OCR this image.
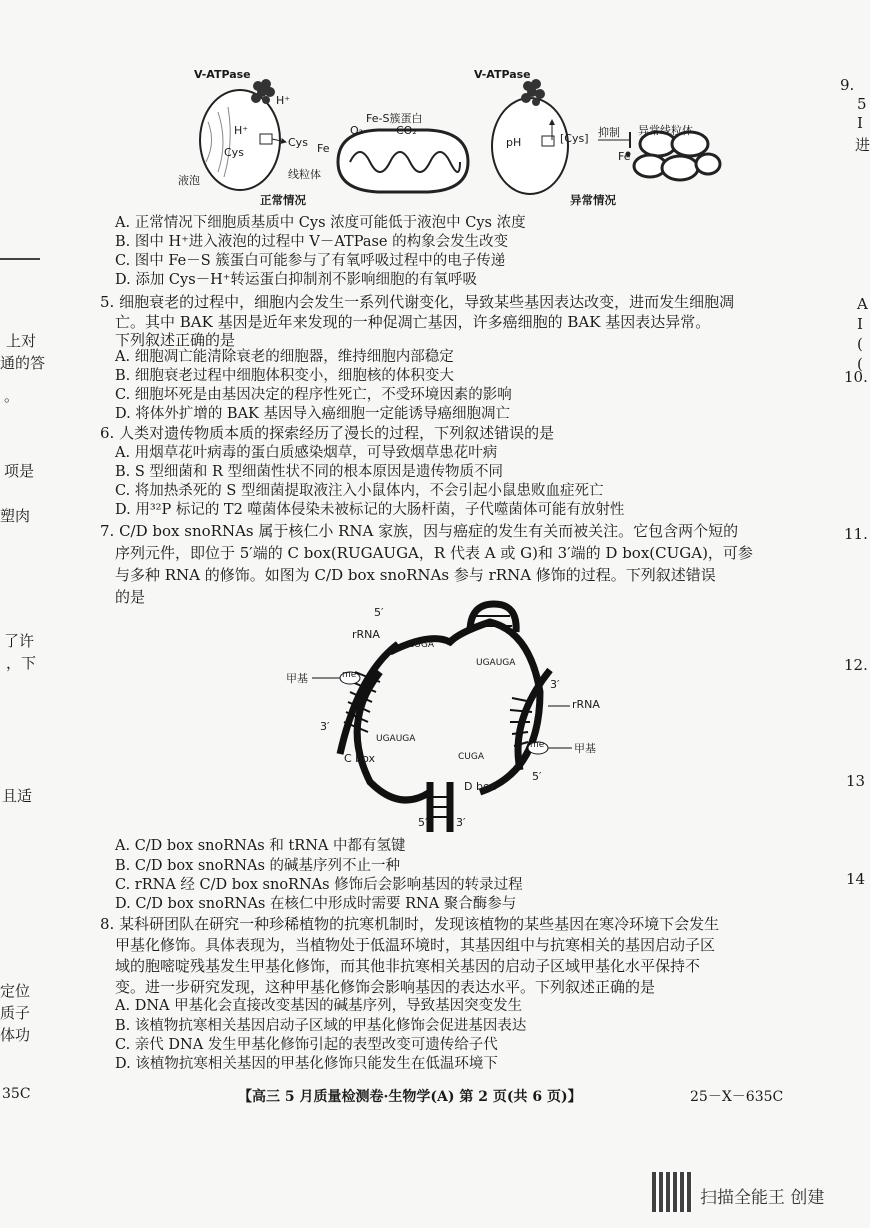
V-ATPase
H⁺
H⁺
Cys
Cys
液泡
Fe-S簇蛋白
O₂	CO₂
Fe
线粒体
正常情况
V-ATPase
pH	[Cys] 抑制
Fe
异常线粒体
异常情况
A. 正常情况下细胞质基质中 Cys 浓度可能低于液泡中 Cys 浓度
B. 图中 H⁺进入液泡的过程中 V－ATPase 的构象会发生改变
C. 图中 Fe－S 簇蛋白可能参与了有氧呼吸过程中的电子传递
D. 添加 Cys－H⁺转运蛋白抑制剂不影响细胞的有氧呼吸
5. 细胞衰老的过程中，细胞内会发生一系列代谢变化，导致某些基因表达改变，进而发生细胞凋
亡。其中 BAK 基因是近年来发现的一种促凋亡基因，许多癌细胞的 BAK 基因表达异常。
下列叙述正确的是
A. 细胞凋亡能清除衰老的细胞器，维持细胞内部稳定
B. 细胞衰老过程中细胞体积变小，细胞核的体积变大
C. 细胞坏死是由基因决定的程序性死亡，不受环境因素的影响
D. 将体外扩增的 BAK 基因导入癌细胞一定能诱导癌细胞凋亡
6. 人类对遗传物质本质的探索经历了漫长的过程，下列叙述错误的是
A. 用烟草花叶病毒的蛋白质感染烟草，可导致烟草患花叶病
B. S 型细菌和 R 型细菌性状不同的根本原因是遗传物质不同
C. 将加热杀死的 S 型细菌提取液注入小鼠体内，不会引起小鼠患败血症死亡
D. 用³²P 标记的 T2 噬菌体侵染未被标记的大肠杆菌，子代噬菌体可能有放射性
7. C/D box snoRNAs 属于核仁小 RNA 家族，因与癌症的发生有关而被关注。它包含两个短的
序列元件，即位于 5′端的 C box(RUGAUGA，R 代表 A 或 G)和 3′端的 D box(CUGA)，可参
与多种 RNA 的修饰。如图为 C/D box snoRNAs 参与 rRNA 修饰的过程。下列叙述错误
的是
5′
rRNA
甲基	me
3′
CUGA
UGAUGA
UGAUGA
CUGA
C box
3′
rRNA
me	甲基
5′
D box
5′	3′
A. C/D box snoRNAs 和 tRNA 中都有氢键
B. C/D box snoRNAs 的碱基序列不止一种
C. rRNA 经 C/D box snoRNAs 修饰后会影响基因的转录过程
D. C/D box snoRNAs 在核仁中形成时需要 RNA 聚合酶参与
8. 某科研团队在研究一种珍稀植物的抗寒机制时，发现该植物的某些基因在寒冷环境下会发生
甲基化修饰。具体表现为，当植物处于低温环境时，其基因组中与抗寒相关的基因启动子区
域的胞嘧啶残基发生甲基化修饰，而其他非抗寒相关基因的启动子区域甲基化水平保持不
变。进一步研究发现，这种甲基化修饰会影响基因的表达水平。下列叙述正确的是
A. DNA 甲基化会直接改变基因的碱基序列，导致基因突变发生
B. 该植物抗寒相关基因启动子区域的甲基化修饰会促进基因表达
C. 亲代 DNA 发生甲基化修饰引起的表型改变可遗传给子代
D. 该植物抗寒相关基因的甲基化修饰只能发生在低温环境下
35C	【高三 5 月质量检测卷·生物学(A) 第 2 页(共 6 页)】	25－X－635C
上对
通的答
。
项是
塑肉
了许
，下
且适
定位
质子
体功
9.
5
I
进
A
I
(
(
10.
11.
12.
13
14
扫描全能王 创建
